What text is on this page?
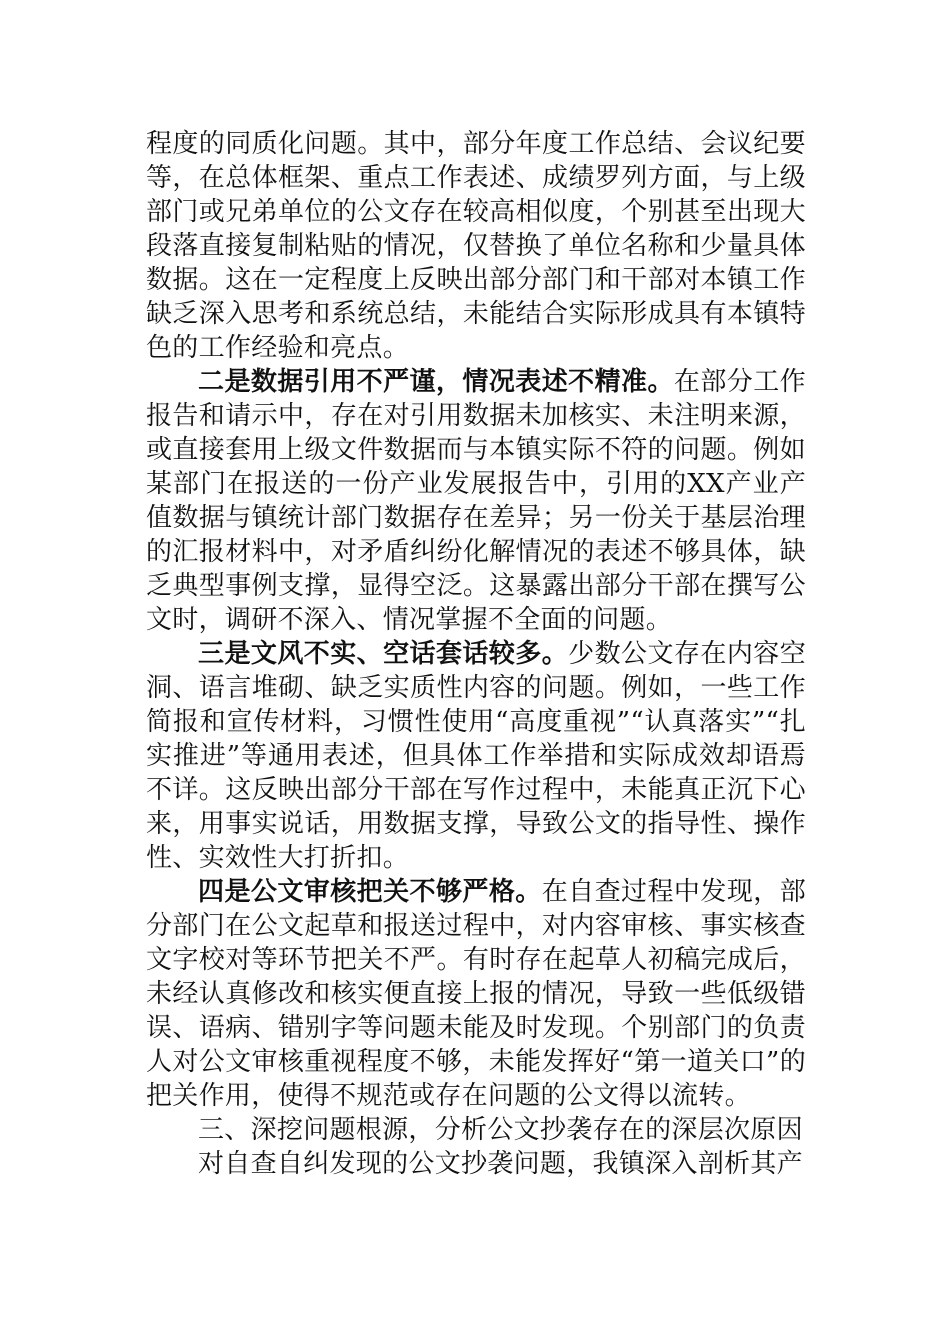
程度的同质化问题。其中，部分年度工作总结、会议纪要等，在总体框架、重点工作表述、成绩罗列方面，与上级部门或兄弟单位的公文存在较高相似度，个别甚至出现大段落直接复制粘贴的情况，仅替换了单位名称和少量具体数据。这在一定程度上反映出部分部门和干部对本镇工作缺乏深入思考和系统总结，未能结合实际形成具有本镇特色的工作经验和亮点。

二是数据引用不严谨，情况表述不精准。在部分工作报告和请示中，存在对引用数据未加核实、未注明来源，或直接套用上级文件数据而与本镇实际不符的问题。例如某部门在报送的一份产业发展报告中，引用的XX产业产值数据与镇统计部门数据存在差异；另一份关于基层治理的汇报材料中，对矛盾纠纷化解情况的表述不够具体，缺乏典型事例支撑，显得空泛。这暴露出部分干部在撰写公文时，调研不深入、情况掌握不全面的问题。

三是文风不实、空话套话较多。少数公文存在内容空洞、语言堆砌、缺乏实质性内容的问题。例如，一些工作简报和宣传材料，习惯性使用“高度重视”“认真落实”“扎实推进”等通用表述，但具体工作举措和实际成效却语焉不详。这反映出部分干部在写作过程中，未能真正沉下心来，用事实说话，用数据支撑，导致公文的指导性、操作性、实效性大打折扣。

四是公文审核把关不够严格。在自查过程中发现，部分部门在公文起草和报送过程中，对内容审核、事实核查文字校对等环节把关不严。有时存在起草人初稿完成后，未经认真修改和核实便直接上报的情况，导致一些低级错误、语病、错别字等问题未能及时发现。个别部门的负责人对公文审核重视程度不够，未能发挥好“第一道关口”的把关作用，使得不规范或存在问题的公文得以流转。

三、深挖问题根源，分析公文抄袭存在的深层次原因

对自查自纠发现的公文抄袭问题，我镇深入剖析其产
